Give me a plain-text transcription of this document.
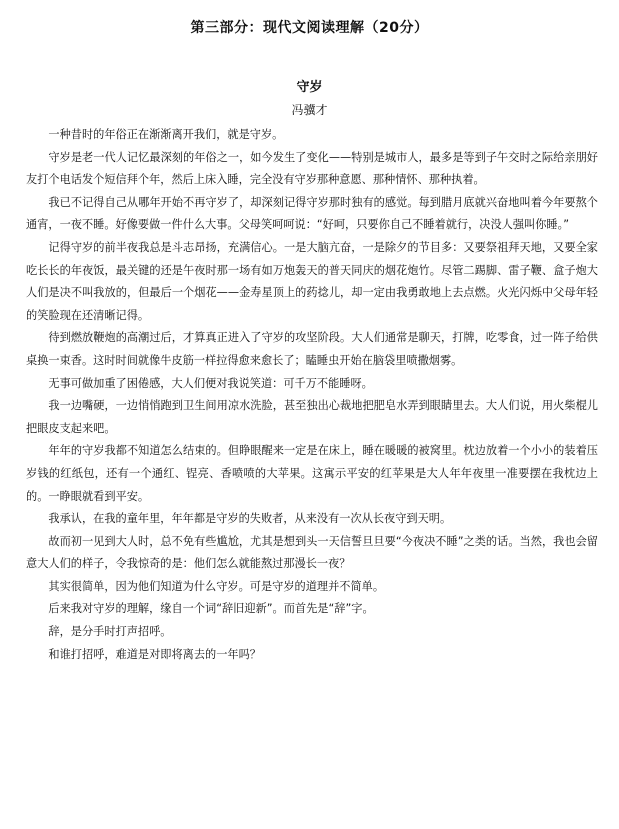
第三部分：现代文阅读理解（20分）
守岁
冯骥才

一种昔时的年俗正在渐渐离开我们，就是守岁。

守岁是老一代人记忆最深刻的年俗之一，如今发生了变化——特别是城市人，最多是等到子午交时之际给亲朋好友打个电话发个短信拜个年，然后上床入睡，完全没有守岁那种意愿、那种情怀、那种执着。

我已不记得自己从哪年开始不再守岁了，却深刻记得守岁那时独有的感觉。每到腊月底就兴奋地叫着今年要熬个通宵，一夜不睡。好像要做一件什么大事。父母笑呵呵说：“好呵，只要你自己不睡着就行，决没人强叫你睡。”

记得守岁的前半夜我总是斗志昂扬，充满信心。一是大脑亢奋，一是除夕的节目多：又要祭祖拜天地，又要全家吃长长的年夜饭，最关键的还是午夜时那一场有如万炮轰天的普天同庆的烟花炮竹。尽管二踢脚、雷子鞭、盒子炮大人们是决不叫我放的，但最后一个烟花——金寿星顶上的药捻儿，却一定由我勇敢地上去点燃。火光闪烁中父母年轻的笑脸现在还清晰记得。

待到燃放鞭炮的高潮过后，才算真正进入了守岁的攻坚阶段。大人们通常是聊天，打牌，吃零食，过一阵子给供桌换一束香。这时时间就像牛皮筋一样拉得愈来愈长了；瞌睡虫开始在脑袋里喷撒烟雾。

无事可做加重了困倦感，大人们便对我说笑道：可千万不能睡呀。

我一边嘴硬，一边悄悄跑到卫生间用凉水洗脸，甚至独出心裁地把肥皂水弄到眼睛里去。大人们说，用火柴棍儿把眼皮支起来吧。

年年的守岁我都不知道怎么结束的。但睁眼醒来一定是在床上，睡在暖暖的被窝里。枕边放着一个小小的装着压岁钱的红纸包，还有一个通红、锃亮、香喷喷的大苹果。这寓示平安的红苹果是大人年年夜里一准要摆在我枕边上的。一睁眼就看到平安。

我承认，在我的童年里，年年都是守岁的失败者，从来没有一次从长夜守到天明。

故而初一见到大人时，总不免有些尴尬，尤其是想到头一天信誓旦旦要“今夜决不睡”之类的话。当然，我也会留意大人们的样子，令我惊奇的是：他们怎么就能熬过那漫长一夜？

其实很简单，因为他们知道为什么守岁。可是守岁的道理并不简单。

后来我对守岁的理解，缘自一个词“辞旧迎新”。而首先是“辞”字。

辞，是分手时打声招呼。

和谁打招呼，难道是对即将离去的一年吗？
